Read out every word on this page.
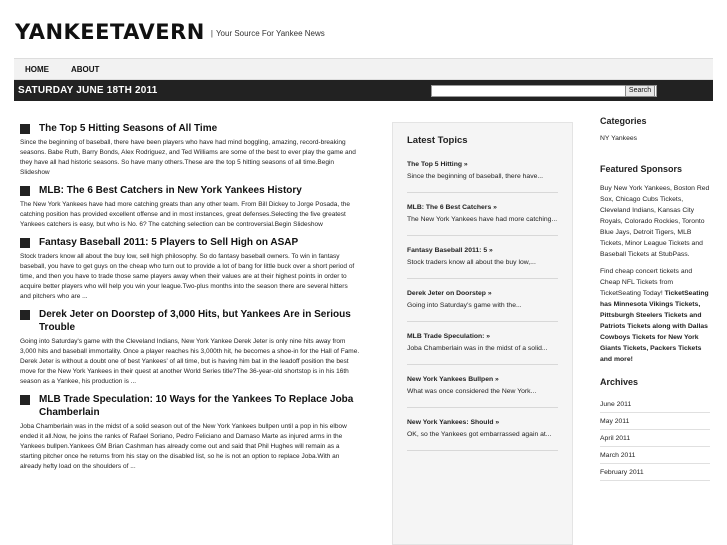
YANKEETAVERN
|	Your Source For Yankee News
HOME	ABOUT
SATURDAY JUNE 18TH 2011	Search
The Top 5 Hitting Seasons of All Time
Since the beginning of baseball, there have been players who have had mind boggling, amazing, record-breaking seasons. Babe Ruth, Barry Bonds, Alex Rodriguez, and Ted Williams are some of the best to ever play the game and they have all had historic seasons. So have many others.These are the top 5 hitting seasons of all time.Begin Slideshow
MLB: The 6 Best Catchers in New York Yankees History
The New York Yankees have had more catching greats than any other team. From Bill Dickey to Jorge Posada, the catching position has provided excellent offense and in most instances, great defenses.Selecting the five greatest Yankees catchers is easy, but who is No. 6? The catching selection can be controversial.Begin Slideshow
Fantasy Baseball 2011: 5 Players to Sell High on ASAP
Stock traders know all about the buy low, sell high philosophy. So do fantasy baseball owners. To win in fantasy baseball, you have to get guys on the cheap who turn out to provide a lot of bang for little buck over a short period of time, and then you have to trade those same players away when their values are at their highest points in order to acquire better players who will help you win your league.Two-plus months into the season there are several hitters and pitchers who are ...
Derek Jeter on Doorstep of 3,000 Hits, but Yankees Are in Serious Trouble
Going into Saturday's game with the Cleveland Indians, New York Yankee Derek Jeter is only nine hits away from 3,000 hits and baseball immortality. Once a player reaches his 3,000th hit, he becomes a shoe-in for the Hall of Fame. Derek Jeter is without a doubt one of best Yankees' of all time, but is having him bat in the leadoff position the best move for the New York Yankees in their quest at another World Series title?The 36-year-old shortstop is in his 16th season as a Yankee, his production is ...
MLB Trade Speculation: 10 Ways for the Yankees To Replace Joba Chamberlain
Joba Chamberlain was in the midst of a solid season out of the New York Yankees bullpen until a pop in his elbow ended it all.Now, he joins the ranks of Rafael Soriano, Pedro Feliciano and Damaso Marte as injured arms in the Yankees bullpen.Yankees GM Brian Cashman has already come out and said that Phil Hughes will remain as a starting pitcher once he returns from his stay on the disabled list, so he is not an option to replace Joba.With an already hefty load on the shoulders of ...
Latest Topics
The Top 5 Hitting »
Since the beginning of baseball, there have...
MLB: The 6 Best Catchers »
The New York Yankees have had more catching...
Fantasy Baseball 2011: 5 »
Stock traders know all about the buy low,...
Derek Jeter on Doorstep »
Going into Saturday's game with the...
MLB Trade Speculation: »
Joba Chamberlain was in the midst of a solid...
New York Yankees Bullpen »
What was once considered the New York...
New York Yankees: Should »
OK, so the Yankees got embarrassed again at...
Categories
NY Yankees
Featured Sponsors

Buy New York Yankees, Boston Red Sox, Chicago Cubs Tickets, Cleveland Indians, Kansas City Royals, Colorado Rockies, Toronto Blue Jays, Detroit Tigers, MLB Tickets, Minor League Tickets and Baseball Tickets at StubPass.

Find cheap concert tickets and Cheap NFL Tickets from TicketSeating Today! TicketSeating has Minnesota Vikings Tickets, Pittsburgh Steelers Tickets and Patriots Tickets along with Dallas Cowboys Tickets for New York Giants Tickets, Packers Tickets and more!

Archives
June 2011
May 2011
April 2011
March 2011
February 2011
